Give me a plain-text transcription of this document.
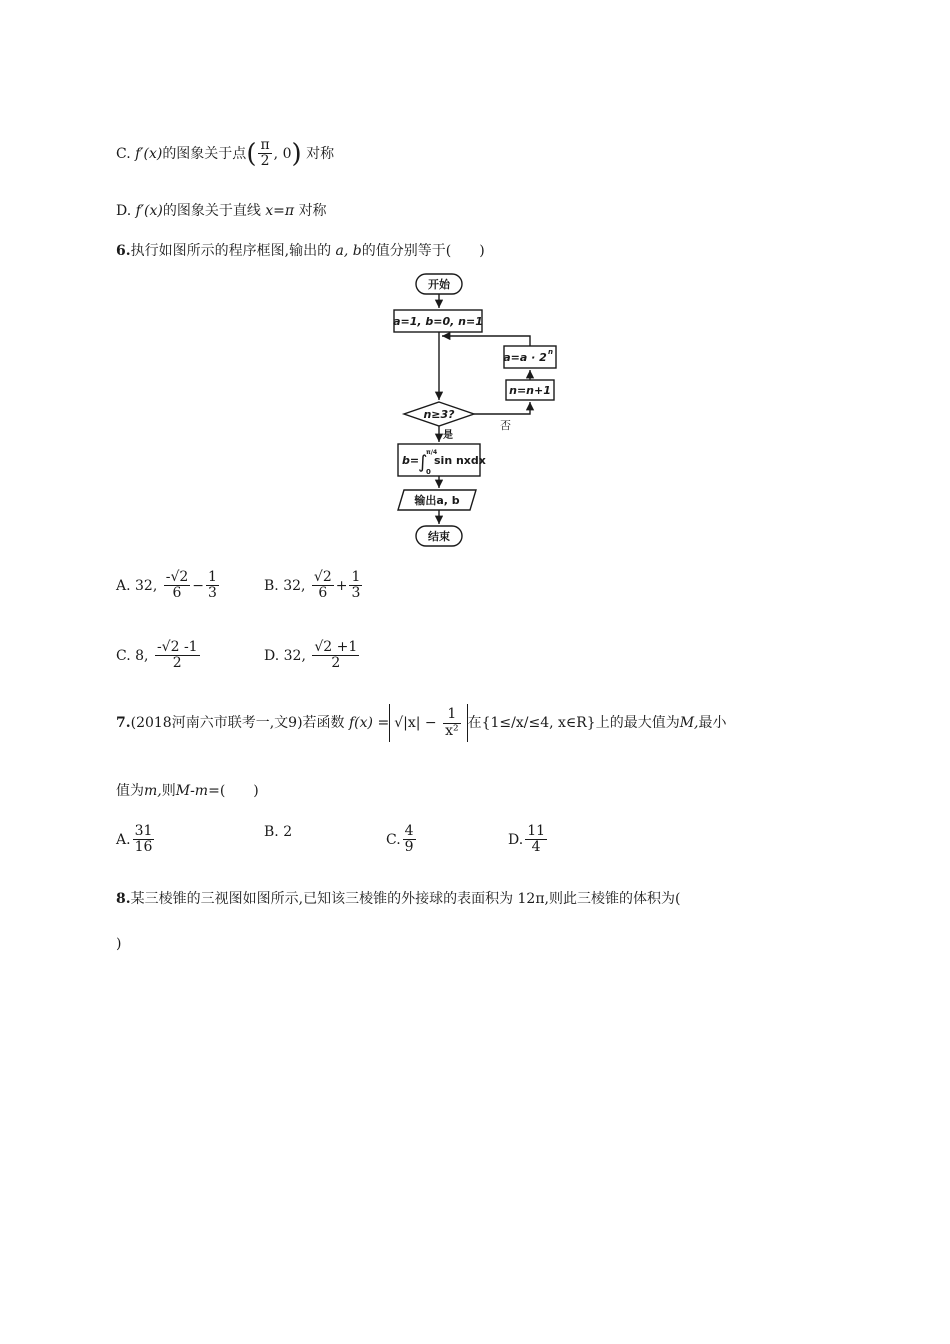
C. f′(x)的图象关于点( $\frac{\pi}{2}$ , 0) 对称
D. f′(x)的图象关于直线 x=π 对称
6.执行如图所示的程序框图,输出的 a, b的值分别等于(　　)
开始
a=1, b=0, n=1
a=a · 2 n
n=n+1
n≥3?
否
是
b=
∫
π/4
0
sin nxdx
输出a, b
结束
A. 32, $\frac{-√2}{6} - \frac{1}{3}$	B. 32, $\frac{√2}{6} + \frac{1}{3}$
C. 8, $\frac{-√2 -1}{2}$	D. 32, $\frac{√2 +1}{2}$
7.(2018河南六市联考一,文9)若函数 $f(x) = √|x| - \frac{1}{\text{x²}}$ 在{1≤/x/≤4, x∈R}上的最大值为M,最小
值为m,则M-m=(　　)
A. $\frac{31}{16}$	B. 2	C. $\frac{4}{9}$	D. $\frac{11}{4}$
8.某三棱锥的三视图如图所示,已知该三棱锥的外接球的表面积为 12π,则此三棱锥的体积为(
)
